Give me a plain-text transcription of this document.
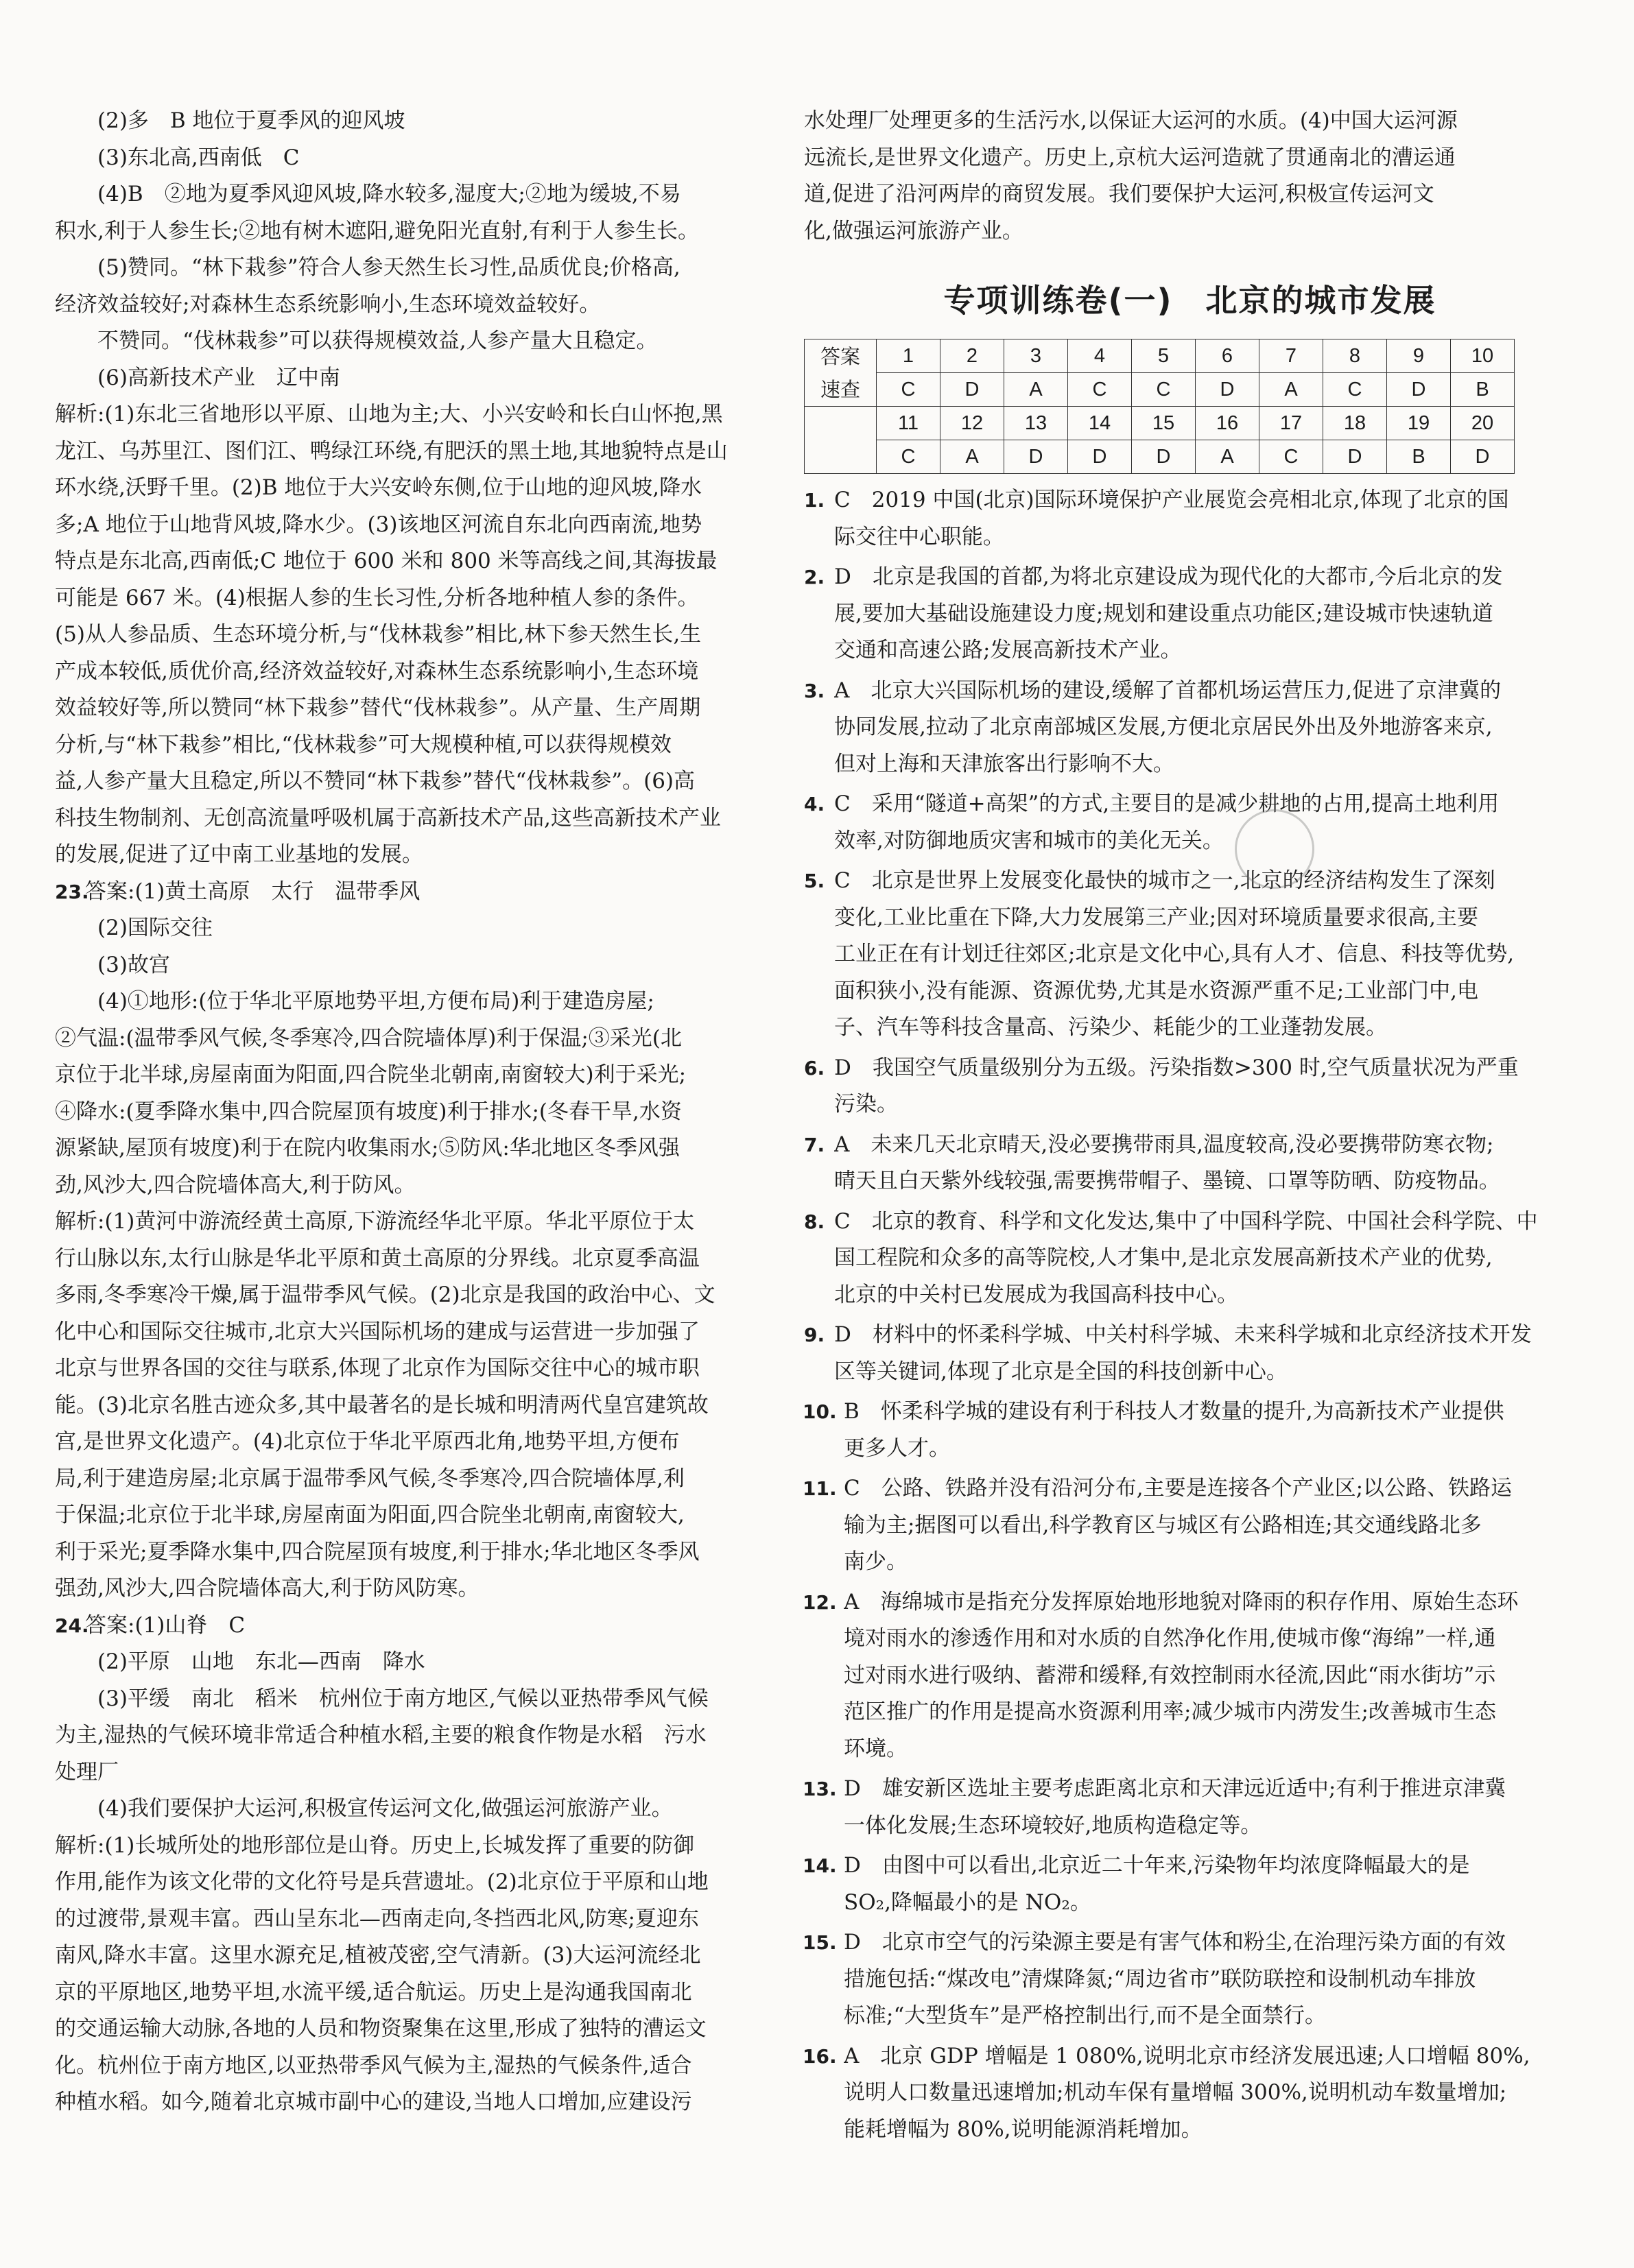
(2)多　B 地位于夏季风的迎风坡
(3)东北高,西南低　C
(4)B　②地为夏季风迎风坡,降水较多,湿度大;②地为缓坡,不易
积水,利于人参生长;②地有树木遮阳,避免阳光直射,有利于人参生长。
(5)赞同。“林下栽参”符合人参天然生长习性,品质优良;价格高,
经济效益较好;对森林生态系统影响小,生态环境效益较好。
不赞同。“伐林栽参”可以获得规模效益,人参产量大且稳定。
(6)高新技术产业　辽中南
解析:(1)东北三省地形以平原、山地为主;大、小兴安岭和长白山怀抱,黑
龙江、乌苏里江、图们江、鸭绿江环绕,有肥沃的黑土地,其地貌特点是山
环水绕,沃野千里。(2)B 地位于大兴安岭东侧,位于山地的迎风坡,降水
多;A 地位于山地背风坡,降水少。(3)该地区河流自东北向西南流,地势
特点是东北高,西南低;C 地位于 600 米和 800 米等高线之间,其海拔最
可能是 667 米。(4)根据人参的生长习性,分析各地种植人参的条件。
(5)从人参品质、生态环境分析,与“伐林栽参”相比,林下参天然生长,生
产成本较低,质优价高,经济效益较好,对森林生态系统影响小,生态环境
效益较好等,所以赞同“林下栽参”替代“伐林栽参”。从产量、生产周期
分析,与“林下栽参”相比,“伐林栽参”可大规模种植,可以获得规模效
益,人参产量大且稳定,所以不赞同“林下栽参”替代“伐林栽参”。(6)高
科技生物制剂、无创高流量呼吸机属于高新技术产品,这些高新技术产业
的发展,促进了辽中南工业基地的发展。
23.
答案:(1)黄土高原　太行　温带季风
(2)国际交往
(3)故宫
(4)①地形:(位于华北平原地势平坦,方便布局)利于建造房屋;
②气温:(温带季风气候,冬季寒冷,四合院墙体厚)利于保温;③采光(北
京位于北半球,房屋南面为阳面,四合院坐北朝南,南窗较大)利于采光;
④降水:(夏季降水集中,四合院屋顶有坡度)利于排水;(冬春干旱,水资
源紧缺,屋顶有坡度)利于在院内收集雨水;⑤防风:华北地区冬季风强
劲,风沙大,四合院墙体高大,利于防风。
解析:(1)黄河中游流经黄土高原,下游流经华北平原。华北平原位于太
行山脉以东,太行山脉是华北平原和黄土高原的分界线。北京夏季高温
多雨,冬季寒冷干燥,属于温带季风气候。(2)北京是我国的政治中心、文
化中心和国际交往城市,北京大兴国际机场的建成与运营进一步加强了
北京与世界各国的交往与联系,体现了北京作为国际交往中心的城市职
能。(3)北京名胜古迹众多,其中最著名的是长城和明清两代皇宫建筑故
宫,是世界文化遗产。(4)北京位于华北平原西北角,地势平坦,方便布
局,利于建造房屋;北京属于温带季风气候,冬季寒冷,四合院墙体厚,利
于保温;北京位于北半球,房屋南面为阳面,四合院坐北朝南,南窗较大,
利于采光;夏季降水集中,四合院屋顶有坡度,利于排水;华北地区冬季风
强劲,风沙大,四合院墙体高大,利于防风防寒。
24.
答案:(1)山脊　C
(2)平原　山地　东北—西南　降水
(3)平缓　南北　稻米　杭州位于南方地区,气候以亚热带季风气候
为主,湿热的气候环境非常适合种植水稻,主要的粮食作物是水稻　污水
处理厂
(4)我们要保护大运河,积极宣传运河文化,做强运河旅游产业。
解析:(1)长城所处的地形部位是山脊。历史上,长城发挥了重要的防御
作用,能作为该文化带的文化符号是兵营遗址。(2)北京位于平原和山地
的过渡带,景观丰富。西山呈东北—西南走向,冬挡西北风,防寒;夏迎东
南风,降水丰富。这里水源充足,植被茂密,空气清新。(3)大运河流经北
京的平原地区,地势平坦,水流平缓,适合航运。历史上是沟通我国南北
的交通运输大动脉,各地的人员和物资聚集在这里,形成了独特的漕运文
化。杭州位于南方地区,以亚热带季风气候为主,湿热的气候条件,适合
种植水稻。如今,随着北京城市副中心的建设,当地人口增加,应建设污
水处理厂处理更多的生活污水,以保证大运河的水质。(4)中国大运河源
远流长,是世界文化遗产。历史上,京杭大运河造就了贯通南北的漕运通
道,促进了沿河两岸的商贸发展。我们要保护大运河,积极宣传运河文
化,做强运河旅游产业。
专项训练卷(一)　北京的城市发展
答案
速查	1	2	3	4	5	6	7	8	9	10
	C	D	A	C	C	D	A	C	D	B
	11	12	13	14	15	16	17	18	19	20
	C	A	D	D	D	A	C	D	B	D
1. C　2019 中国(北京)国际环境保护产业展览会亮相北京,体现了北京的国
际交往中心职能。
2. D　北京是我国的首都,为将北京建设成为现代化的大都市,今后北京的发
展,要加大基础设施建设力度;规划和建设重点功能区;建设城市快速轨道
交通和高速公路;发展高新技术产业。
3. A　北京大兴国际机场的建设,缓解了首都机场运营压力,促进了京津冀的
协同发展,拉动了北京南部城区发展,方便北京居民外出及外地游客来京,
但对上海和天津旅客出行影响不大。
4. C　采用“隧道+高架”的方式,主要目的是减少耕地的占用,提高土地利用
效率,对防御地质灾害和城市的美化无关。
5. C　北京是世界上发展变化最快的城市之一,北京的经济结构发生了深刻
变化,工业比重在下降,大力发展第三产业;因对环境质量要求很高,主要
工业正在有计划迁往郊区;北京是文化中心,具有人才、信息、科技等优势,
面积狭小,没有能源、资源优势,尤其是水资源严重不足;工业部门中,电
子、汽车等科技含量高、污染少、耗能少的工业蓬勃发展。
6. D　我国空气质量级别分为五级。污染指数>300 时,空气质量状况为严重
污染。
7. A　未来几天北京晴天,没必要携带雨具,温度较高,没必要携带防寒衣物;
晴天且白天紫外线较强,需要携带帽子、墨镜、口罩等防晒、防疫物品。
8. C　北京的教育、科学和文化发达,集中了中国科学院、中国社会科学院、中
国工程院和众多的高等院校,人才集中,是北京发展高新技术产业的优势,
北京的中关村已发展成为我国高科技中心。
9. D　材料中的怀柔科学城、中关村科学城、未来科学城和北京经济技术开发
区等关键词,体现了北京是全国的科技创新中心。
10. B　怀柔科学城的建设有利于科技人才数量的提升,为高新技术产业提供
更多人才。
11. C　公路、铁路并没有沿河分布,主要是连接各个产业区;以公路、铁路运
输为主;据图可以看出,科学教育区与城区有公路相连;其交通线路北多
南少。
12. A　海绵城市是指充分发挥原始地形地貌对降雨的积存作用、原始生态环
境对雨水的渗透作用和对水质的自然净化作用,使城市像“海绵”一样,通
过对雨水进行吸纳、蓄滞和缓释,有效控制雨水径流,因此“雨水街坊”示
范区推广的作用是提高水资源利用率;减少城市内涝发生;改善城市生态
环境。
13. D　雄安新区选址主要考虑距离北京和天津远近适中;有利于推进京津冀
一体化发展;生态环境较好,地质构造稳定等。
14. D　由图中可以看出,北京近二十年来,污染物年均浓度降幅最大的是
SO₂,降幅最小的是 NO₂。
15. D　北京市空气的污染源主要是有害气体和粉尘,在治理污染方面的有效
措施包括:“煤改电”清煤降氮;“周边省市”联防联控和设制机动车排放
标准;“大型货车”是严格控制出行,而不是全面禁行。
16. A　北京 GDP 增幅是 1 080%,说明北京市经济发展迅速;人口增幅 80%,
说明人口数量迅速增加;机动车保有量增幅 300%,说明机动车数量增加;
能耗增幅为 80%,说明能源消耗增加。
